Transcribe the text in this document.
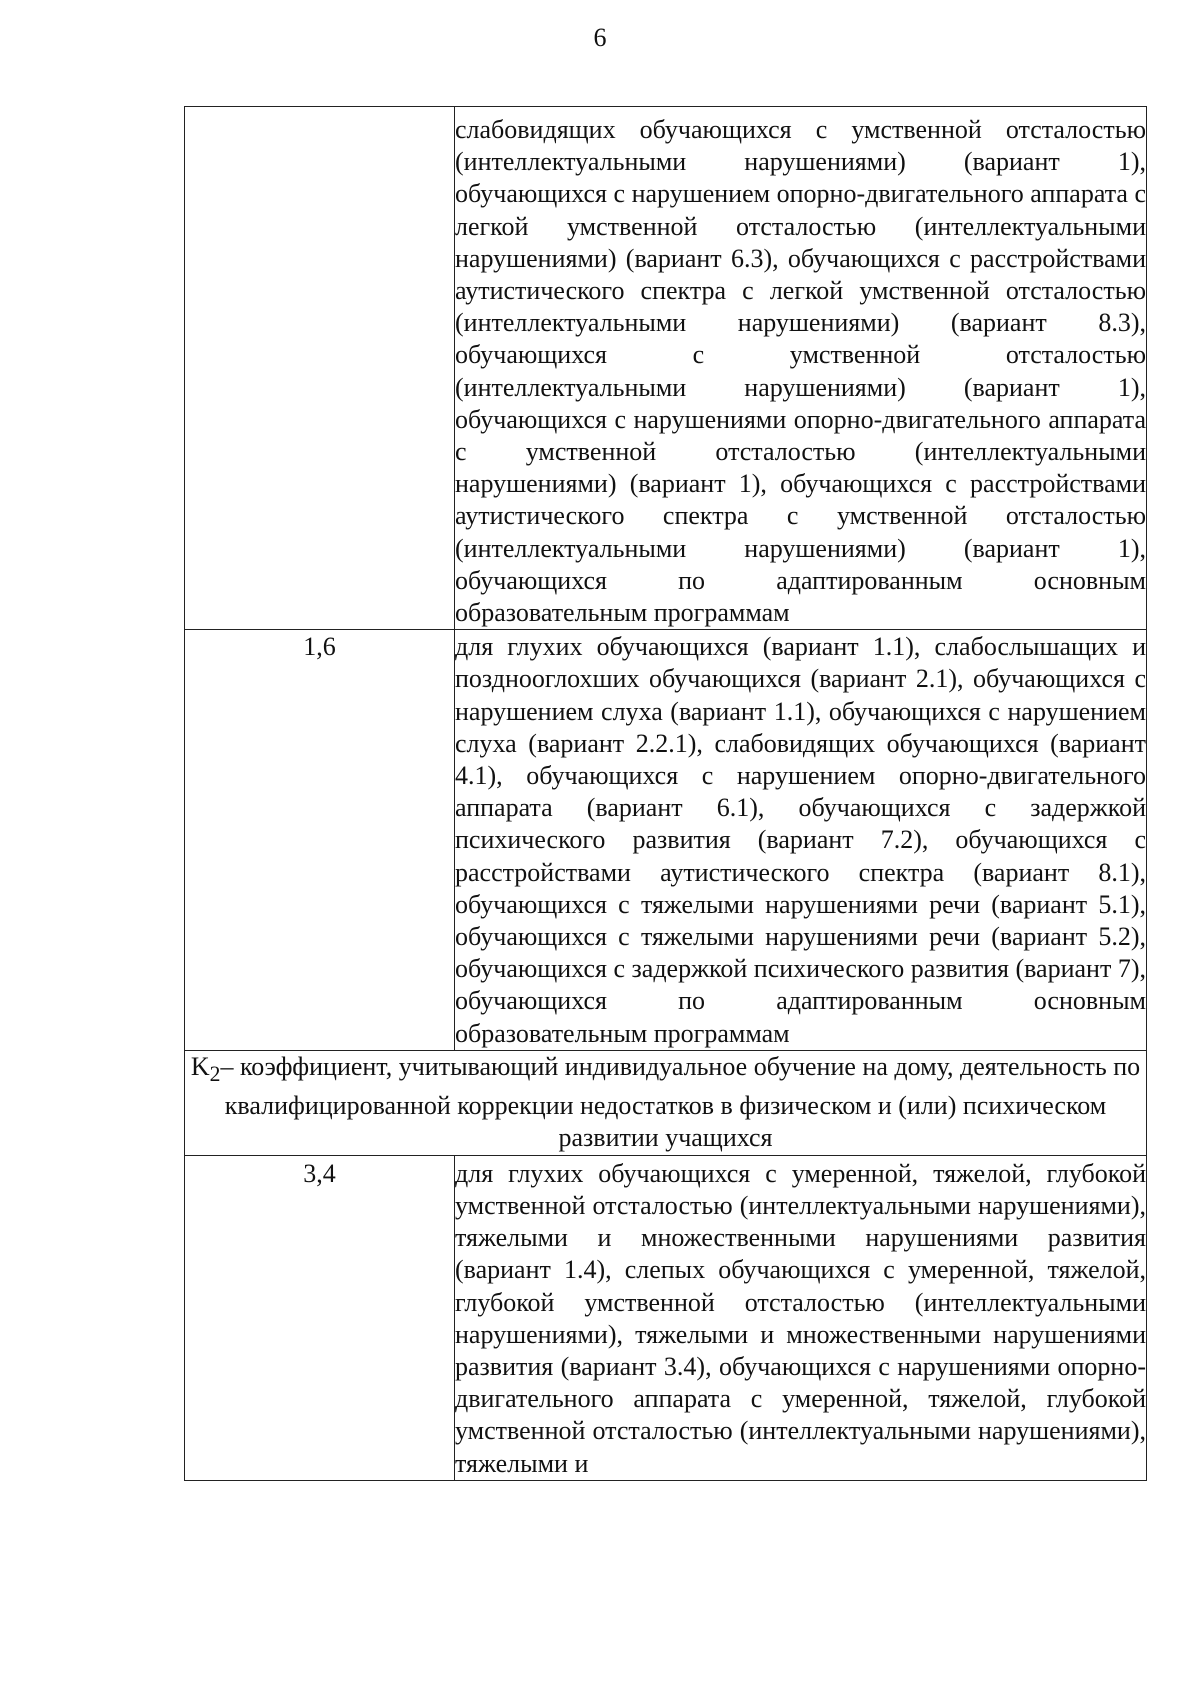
6
	слабовидящих обучающихся с умственной отсталостью (интеллектуальными нарушениями) (вариант 1), обучающихся с нарушением опорно-двигательного аппарата с легкой умственной отсталостью (интеллектуальными нарушениями) (вариант 6.3), обучающихся с расстройствами аутистического спектра с легкой умственной отсталостью (интеллектуальными нарушениями) (вариант 8.3), обучающихся с умственной отсталостью (интеллектуальными нарушениями) (вариант 1), обучающихся с нарушениями опорно-двигательного аппарата с умственной отсталостью (интеллектуальными нарушениями) (вариант 1), обучающихся с расстройствами аутистического спектра с умственной отсталостью (интеллектуальными нарушениями) (вариант 1), обучающихся по адаптированным основным образовательным программам
1,6	для глухих обучающихся (вариант 1.1), слабослышащих и позднооглохших обучающихся (вариант 2.1), обучающихся с нарушением слуха (вариант 1.1), обучающихся с нарушением слуха (вариант 2.2.1), слабовидящих обучающихся (вариант 4.1), обучающихся с нарушением опорно-двигательного аппарата (вариант 6.1), обучающихся с задержкой психического развития (вариант 7.2), обучающихся с расстройствами аутистического спектра (вариант 8.1), обучающихся с тяжелыми нарушениями речи (вариант 5.1), обучающихся с тяжелыми нарушениями речи (вариант 5.2), обучающихся с задержкой психического развития (вариант 7), обучающихся по адаптированным основным образовательным программам
$K_2-$ коэффициент, учитывающий индивидуальное обучение на дому, деятельность по квалифицированной коррекции недостатков в физическом и (или) психическом развитии учащихся	
3,4	для глухих обучающихся с умеренной, тяжелой, глубокой умственной отсталостью (интеллектуальными нарушениями), тяжелыми и множественными нарушениями развития (вариант 1.4), слепых обучающихся с умеренной, тяжелой, глубокой умственной отсталостью (интеллектуальными нарушениями), тяжелыми и множественными нарушениями развития (вариант 3.4), обучающихся с нарушениями опорно-двигательного аппарата с умеренной, тяжелой, глубокой умственной отсталостью (интеллектуальными нарушениями), тяжелыми и
